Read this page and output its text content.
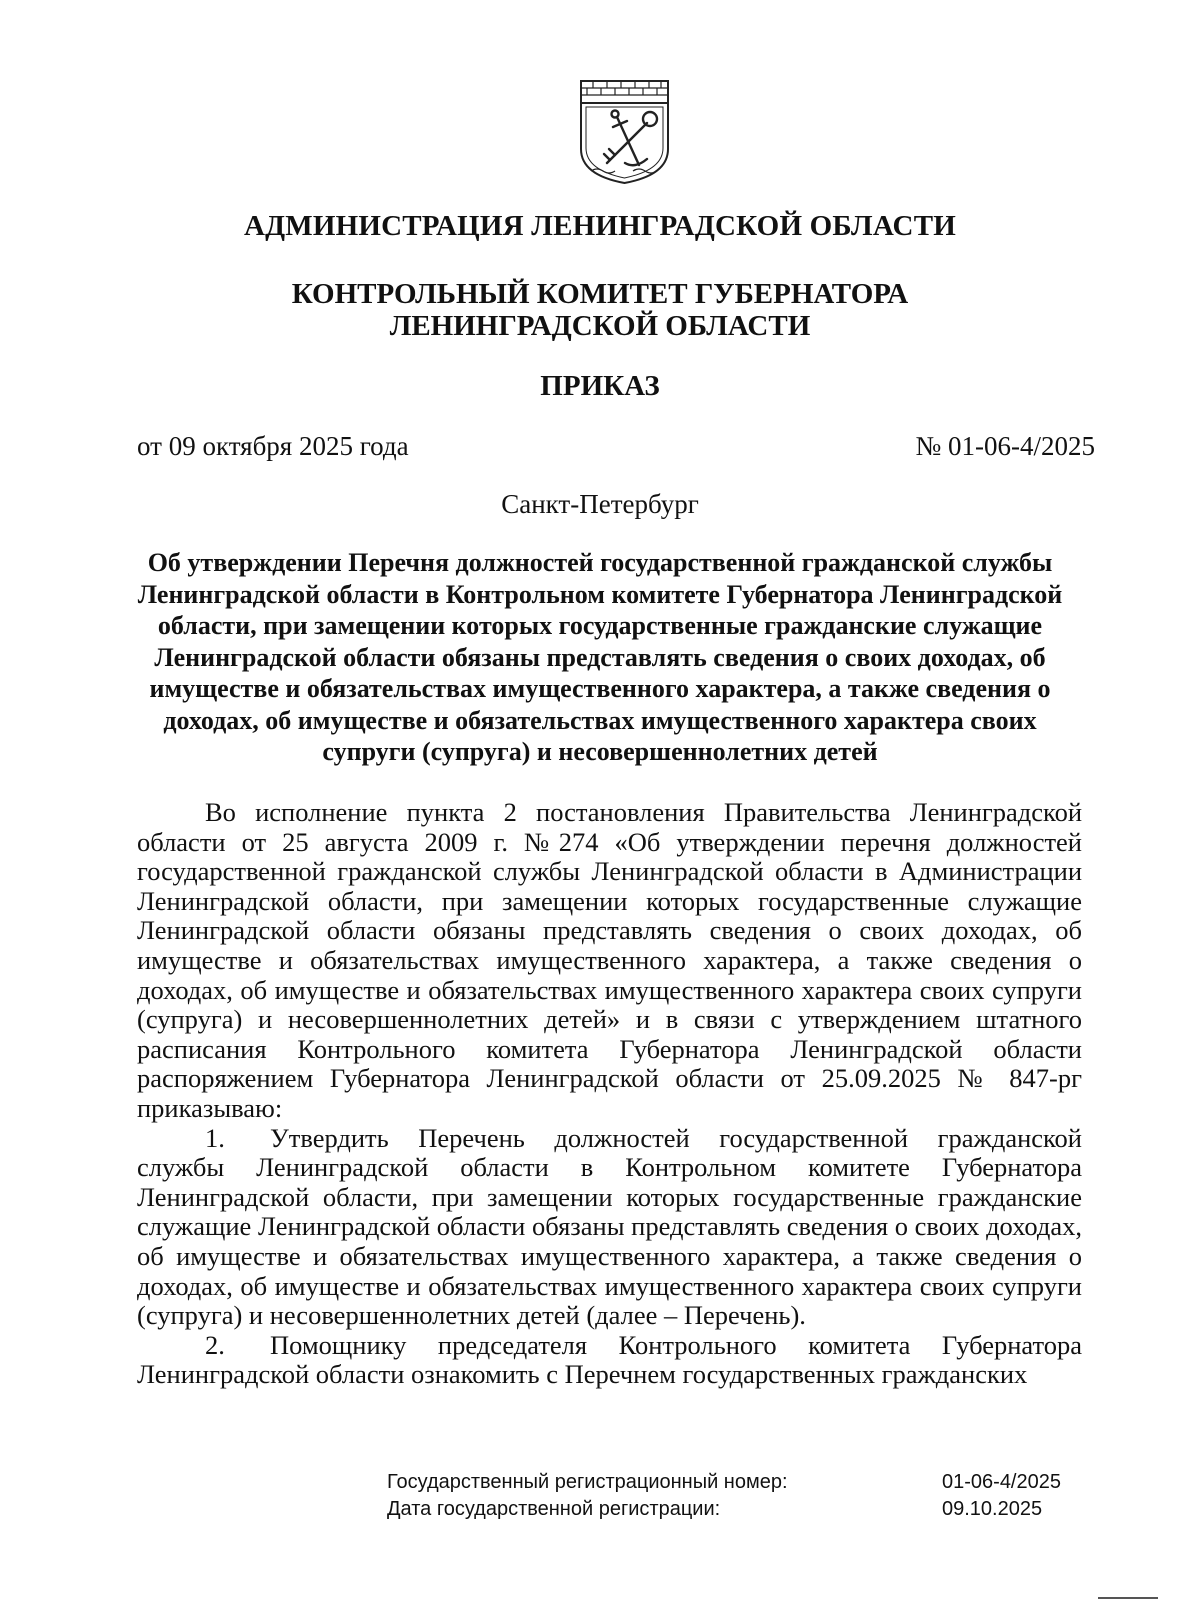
АДМИНИСТРАЦИЯ ЛЕНИНГРАДСКОЙ ОБЛАСТИ
КОНТРОЛЬНЫЙ КОМИТЕТ ГУБЕРНАТОРА
ЛЕНИНГРАДСКОЙ ОБЛАСТИ
ПРИКАЗ
от 09 октября 2025 года	№ 01-06-4/2025
Санкт-Петербург
Об утверждении Перечня должностей государственной гражданской службы Ленинградской области в Контрольном комитете Губернатора Ленинградской области, при замещении которых государственные гражданские служащие Ленинградской области обязаны представлять сведения о своих доходах, об имуществе и обязательствах имущественного характера, а также сведения о доходах, об имуществе и обязательствах имущественного характера своих супруги (супруга) и несовершеннолетних детей

Во исполнение пункта 2 постановления Правительства Ленинградской области от 25 августа 2009 г. №274 «Об утверждении перечня должностей государственной гражданской службы Ленинградской области в Администрации Ленинградской области, при замещении которых государственные служащие Ленинградской области обязаны представлять сведения о своих доходах, об имуществе и обязательствах имущественного характера, а также сведения о доходах, об имуществе и обязательствах имущественного характера своих супруги (супруга) и несовершеннолетних детей» и в связи с утверждением штатного расписания Контрольного комитета Губернатора Ленинградской области распоряжением Губернатора Ленинградской области от 25.09.2025 № 847-рг приказываю:

1. Утвердить Перечень должностей государственной гражданской службы Ленинградской области в Контрольном комитете Губернатора Ленинградской области, при замещении которых государственные гражданские служащие Ленинградской области обязаны представлять сведения о своих доходах, об имуществе и обязательствах имущественного характера, а также сведения о доходах, об имуществе и обязательствах имущественного характера своих супруги (супруга) и несовершеннолетних детей (далее – Перечень).

2. Помощнику председателя Контрольного комитета Губернатора Ленинградской области ознакомить с Перечнем государственных гражданских

Государственный регистрационный номер:	01-06-4/2025
Дата государственной регистрации:	09.10.2025
